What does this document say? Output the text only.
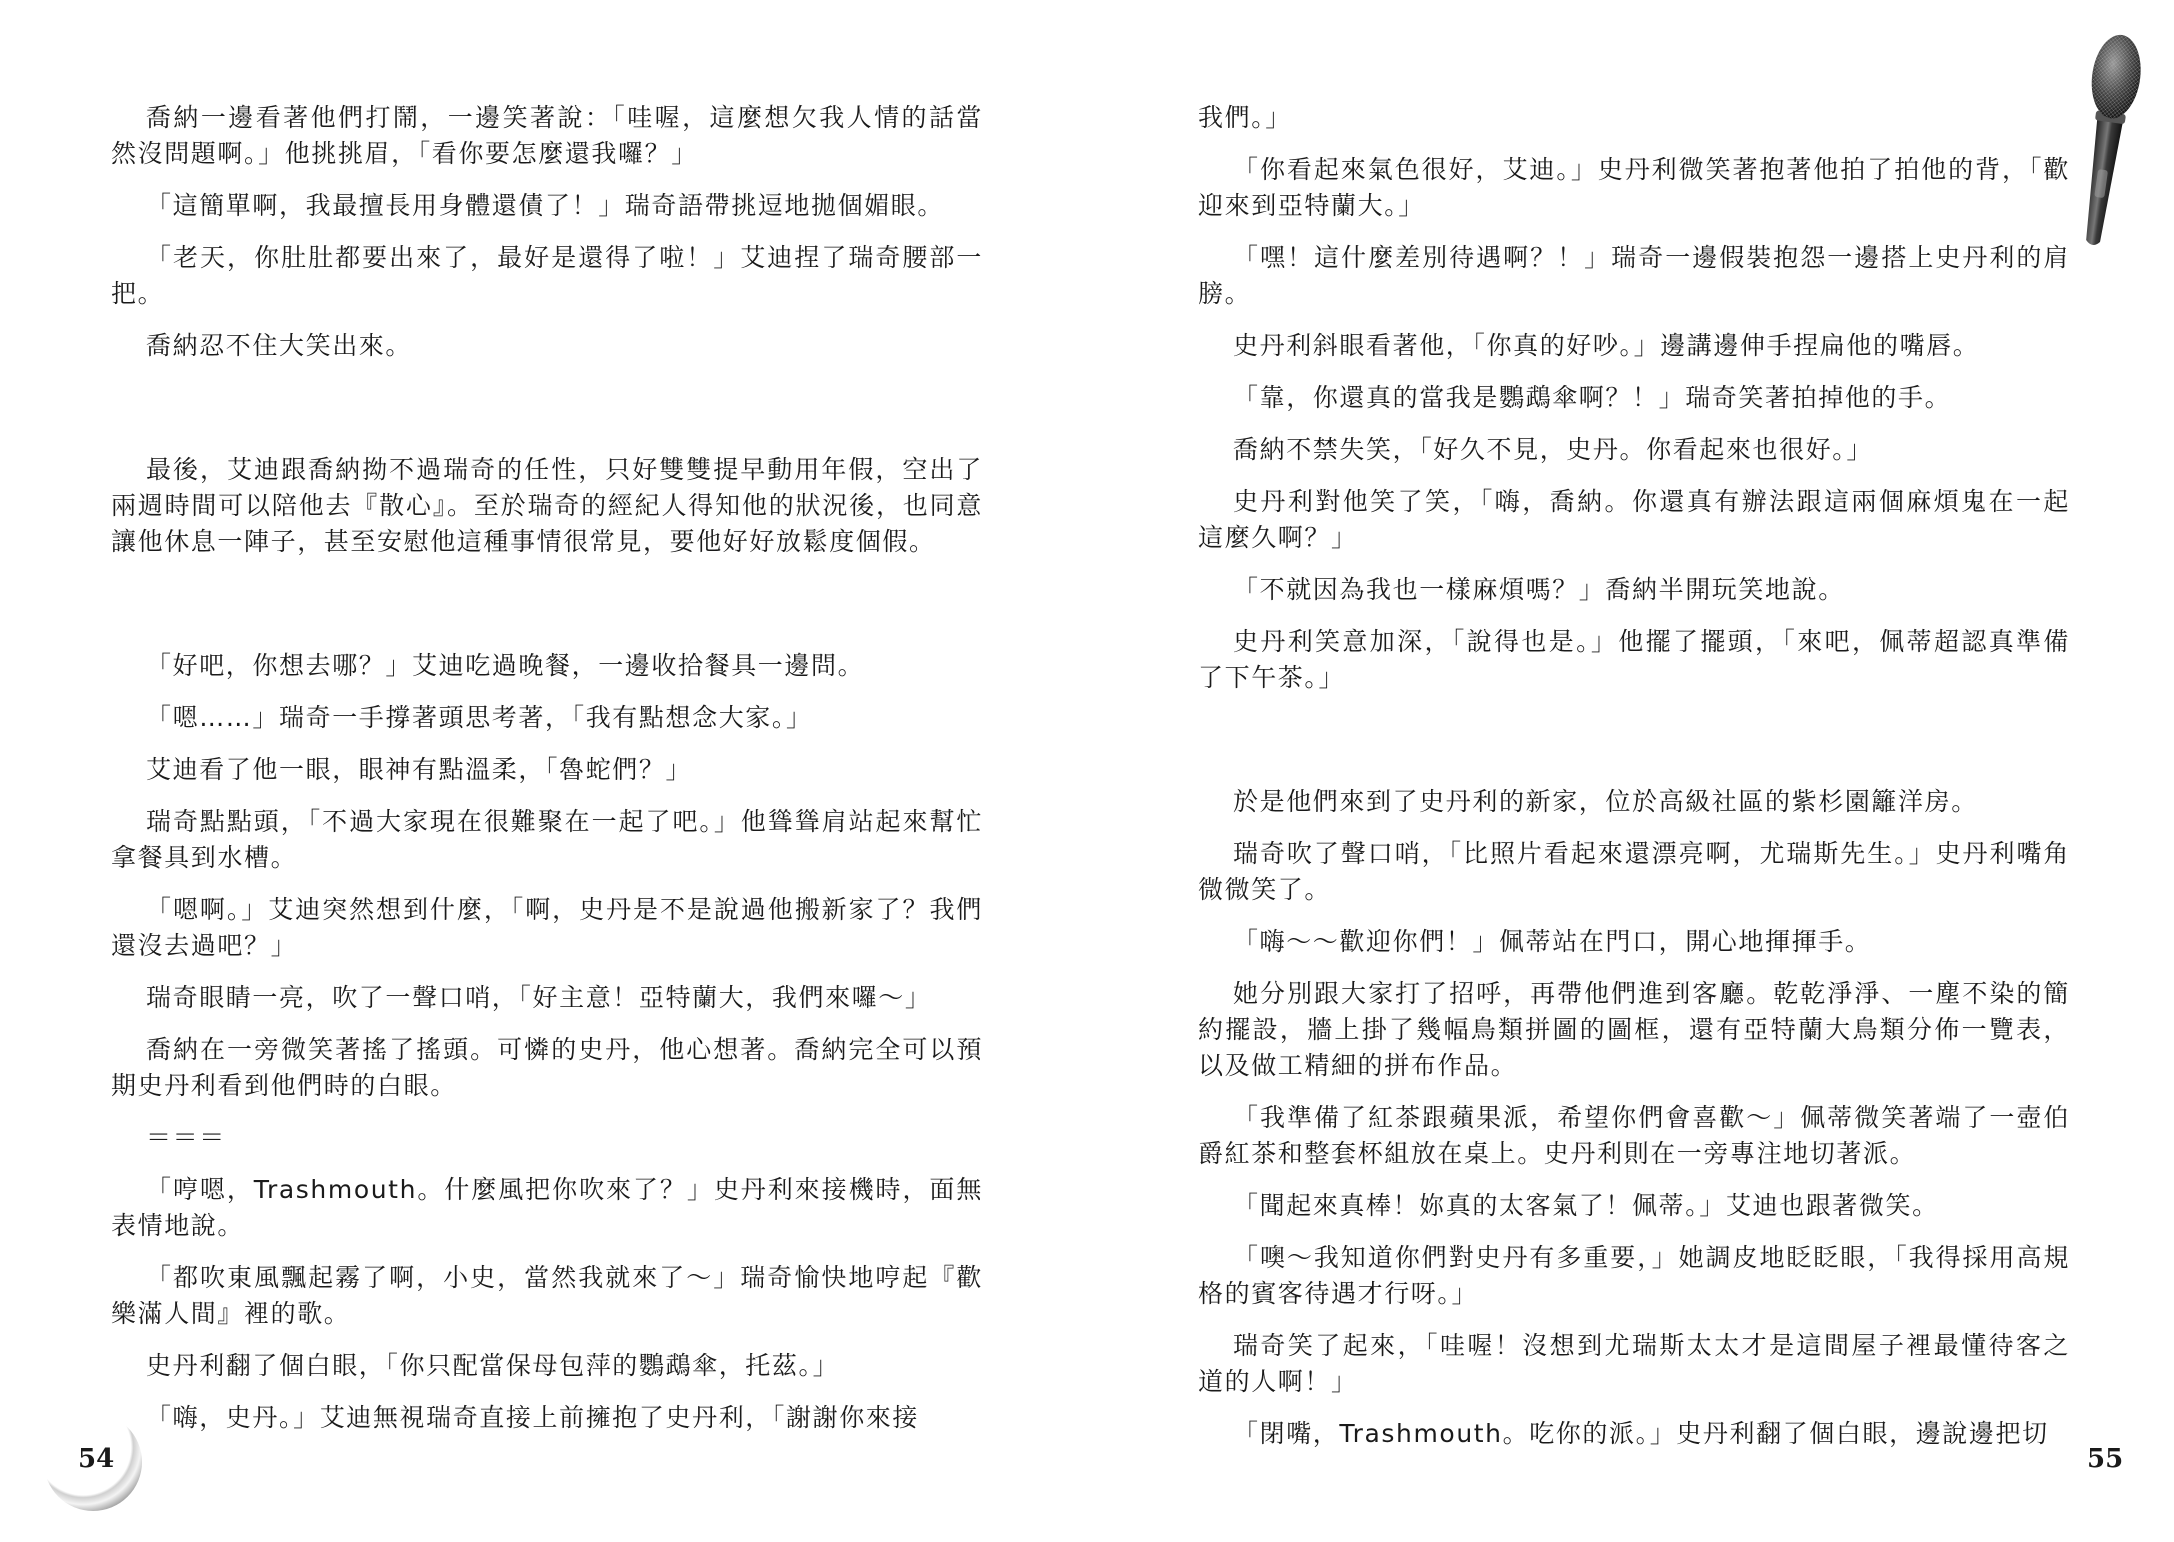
喬納一邊看著他們打鬧，一邊笑著說：「哇喔，這麼想欠我人情的話當然沒問題啊。」他挑挑眉，「看你要怎麼還我囉？」

「這簡單啊，我最擅長用身體還債了！」瑞奇語帶挑逗地拋個媚眼。

「老天，你肚肚都要出來了，最好是還得了啦！」艾迪捏了瑞奇腰部一把。

喬納忍不住大笑出來。

最後，艾迪跟喬納拗不過瑞奇的任性，只好雙雙提早動用年假，空出了兩週時間可以陪他去『散心』。至於瑞奇的經紀人得知他的狀況後，也同意讓他休息一陣子，甚至安慰他這種事情很常見，要他好好放鬆度個假。

「好吧，你想去哪？」艾迪吃過晚餐，一邊收拾餐具一邊問。

「嗯……」瑞奇一手撐著頭思考著，「我有點想念大家。」

艾迪看了他一眼，眼神有點溫柔，「魯蛇們？」

瑞奇點點頭，「不過大家現在很難聚在一起了吧。」他聳聳肩站起來幫忙拿餐具到水槽。

「嗯啊。」艾迪突然想到什麼，「啊，史丹是不是說過他搬新家了？我們還沒去過吧？」

瑞奇眼睛一亮，吹了一聲口哨，「好主意！亞特蘭大，我們來囉～」

喬納在一旁微笑著搖了搖頭。可憐的史丹，他心想著。喬納完全可以預期史丹利看到他們時的白眼。

＝＝＝

「哼嗯，Trashmouth。什麼風把你吹來了？」史丹利來接機時，面無表情地說。

「都吹東風飄起霧了啊，小史，當然我就來了～」瑞奇愉快地哼起『歡樂滿人間』裡的歌。

史丹利翻了個白眼，「你只配當保母包萍的鸚鵡傘，托茲。」

「嗨，史丹。」艾迪無視瑞奇直接上前擁抱了史丹利，「謝謝你來接

54

我們。」

「你看起來氣色很好，艾迪。」史丹利微笑著抱著他拍了拍他的背，「歡迎來到亞特蘭大。」

「嘿！這什麼差別待遇啊？！」瑞奇一邊假裝抱怨一邊搭上史丹利的肩膀。

史丹利斜眼看著他，「你真的好吵。」邊講邊伸手捏扁他的嘴唇。

「靠，你還真的當我是鸚鵡傘啊？！」瑞奇笑著拍掉他的手。

喬納不禁失笑，「好久不見，史丹。你看起來也很好。」

史丹利對他笑了笑，「嗨，喬納。你還真有辦法跟這兩個麻煩鬼在一起這麼久啊？」

「不就因為我也一樣麻煩嗎？」喬納半開玩笑地說。

史丹利笑意加深，「說得也是。」他擺了擺頭，「來吧，佩蒂超認真準備了下午茶。」

於是他們來到了史丹利的新家，位於高級社區的紫杉園籬洋房。

瑞奇吹了聲口哨，「比照片看起來還漂亮啊，尤瑞斯先生。」史丹利嘴角微微笑了。

「嗨～～歡迎你們！」佩蒂站在門口，開心地揮揮手。

她分別跟大家打了招呼，再帶他們進到客廳。乾乾淨淨、一塵不染的簡約擺設，牆上掛了幾幅鳥類拼圖的圖框，還有亞特蘭大鳥類分佈一覽表，以及做工精細的拼布作品。

「我準備了紅茶跟蘋果派，希望你們會喜歡～」佩蒂微笑著端了一壺伯爵紅茶和整套杯組放在桌上。史丹利則在一旁專注地切著派。

「聞起來真棒！妳真的太客氣了！佩蒂。」艾迪也跟著微笑。

「噢～我知道你們對史丹有多重要，」她調皮地眨眨眼，「我得採用高規格的賓客待遇才行呀。」

瑞奇笑了起來，「哇喔！沒想到尤瑞斯太太才是這間屋子裡最懂待客之道的人啊！」

「閉嘴，Trashmouth。吃你的派。」史丹利翻了個白眼，邊說邊把切

55
